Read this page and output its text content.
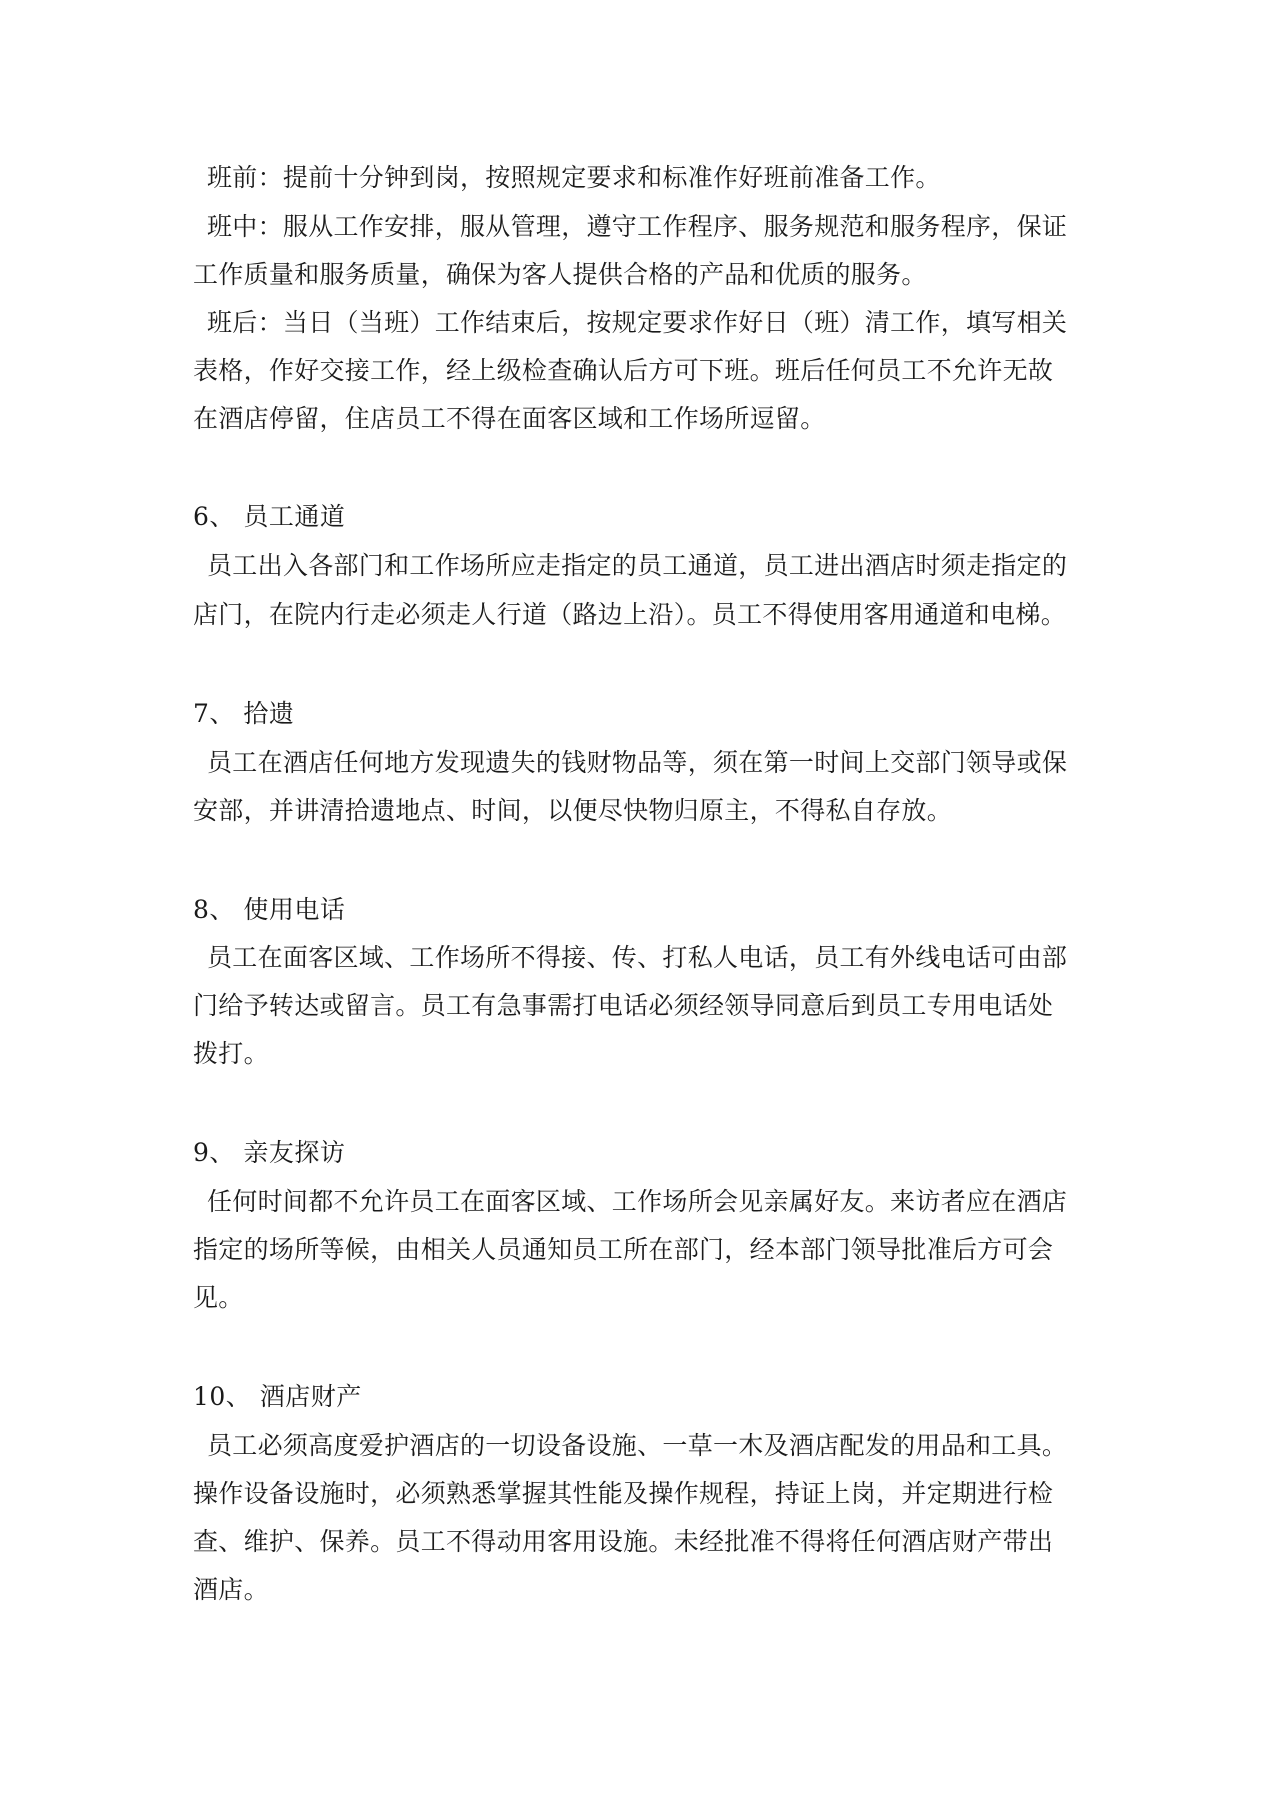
班前：提前十分钟到岗，按照规定要求和标准作好班前准备工作。
班中：服从工作安排，服从管理，遵守工作程序、服务规范和服务程序，保证
工作质量和服务质量，确保为客人提供合格的产品和优质的服务。
班后：当日（当班）工作结束后，按规定要求作好日（班）清工作，填写相关
表格，作好交接工作，经上级检查确认后方可下班。班后任何员工不允许无故
在酒店停留，住店员工不得在面客区域和工作场所逗留。
6、 员工通道
员工出入各部门和工作场所应走指定的员工通道，员工进出酒店时须走指定的
店门，在院内行走必须走人行道（路边上沿）。员工不得使用客用通道和电梯。
7、 拾遗
员工在酒店任何地方发现遗失的钱财物品等，须在第一时间上交部门领导或保
安部，并讲清拾遗地点、时间，以便尽快物归原主，不得私自存放。
8、 使用电话
员工在面客区域、工作场所不得接、传、打私人电话，员工有外线电话可由部
门给予转达或留言。员工有急事需打电话必须经领导同意后到员工专用电话处
拨打。
9、 亲友探访
任何时间都不允许员工在面客区域、工作场所会见亲属好友。来访者应在酒店
指定的场所等候，由相关人员通知员工所在部门，经本部门领导批准后方可会
见。
10、 酒店财产
员工必须高度爱护酒店的一切设备设施、一草一木及酒店配发的用品和工具。
操作设备设施时，必须熟悉掌握其性能及操作规程，持证上岗，并定期进行检
查、维护、保养。员工不得动用客用设施。未经批准不得将任何酒店财产带出
酒店。
